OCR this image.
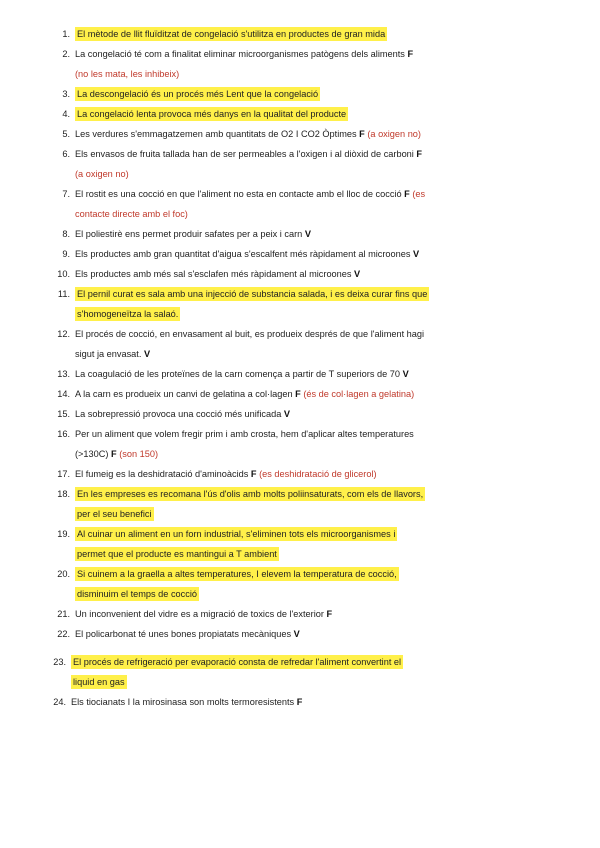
1. El mètode de llit fluïditzat de congelació s'utilitza en productes de gran mida
2. La congelació té com a finalitat eliminar microorganismes patògens dels aliments F
(no les mata, les inhibeix)
3. La descongelació és un procés més Lent que la congelació
4. La congelació lenta provoca més danys en la qualitat del producte
5. Les verdures s'emmagatzemen amb quantitats de O2 I CO2 Òptimes F (a oxigen no)
6. Els envasos de fruita tallada han de ser permeables a l'oxigen i al diòxid de carboni F
(a oxigen no)
7. El rostit es una cocció en que l'aliment no esta en contacte amb el lloc de cocció F (es
contacte directe amb el foc)
8. El poliestirè ens permet produir safates per a peix i carn V
9. Els productes amb gran quantitat d'aigua s'escalfent més ràpidament al microones V
10. Els productes amb més sal s'esclafen més ràpidament al microones V
11. El pernil curat es sala amb una injecció de substancia salada, i es deixa curar fins que
s'homogeneïtza la salaó.
12. El procés de cocció, en envasament al buit, es produeix després de que l'aliment hagi
sigut ja envasat. V
13. La coagulació de les proteïnes de la carn comença a partir de T superiors de 70 V
14. A la carn es produeix un canvi de gelatina a col·lagen F (és de col·lagen a gelatina)
15. La sobrepressió provoca una cocció més unificada V
16. Per un aliment que volem fregir prim i amb crosta, hem d'aplicar altes temperatures
(>130C) F (son 150)
17. El fumeig es la deshidratació d'aminoàcids F (es deshidratació de glicerol)
18. En les empreses es recomana l'ús d'olis amb molts poliinsaturats, com els de llavors,
per el seu benefici
19. Al cuinar un aliment en un forn industrial, s'eliminen tots els microorganismes i
permet que el producte es mantingui a T ambient
20. Si cuinem a la graella a altes temperatures, I elevem la temperatura de cocció,
disminuim el temps de cocció
21. Un inconvenient del vidre es a migració de toxics de l'exterior F
22. El policarbonat té unes bones propiatats mecàniques V
23. El procés de refrigeració per evaporació consta de refredar l'aliment convertint el
liquid en gas
24. Els tiocianats I la mirosinasa son molts termoresistents F
